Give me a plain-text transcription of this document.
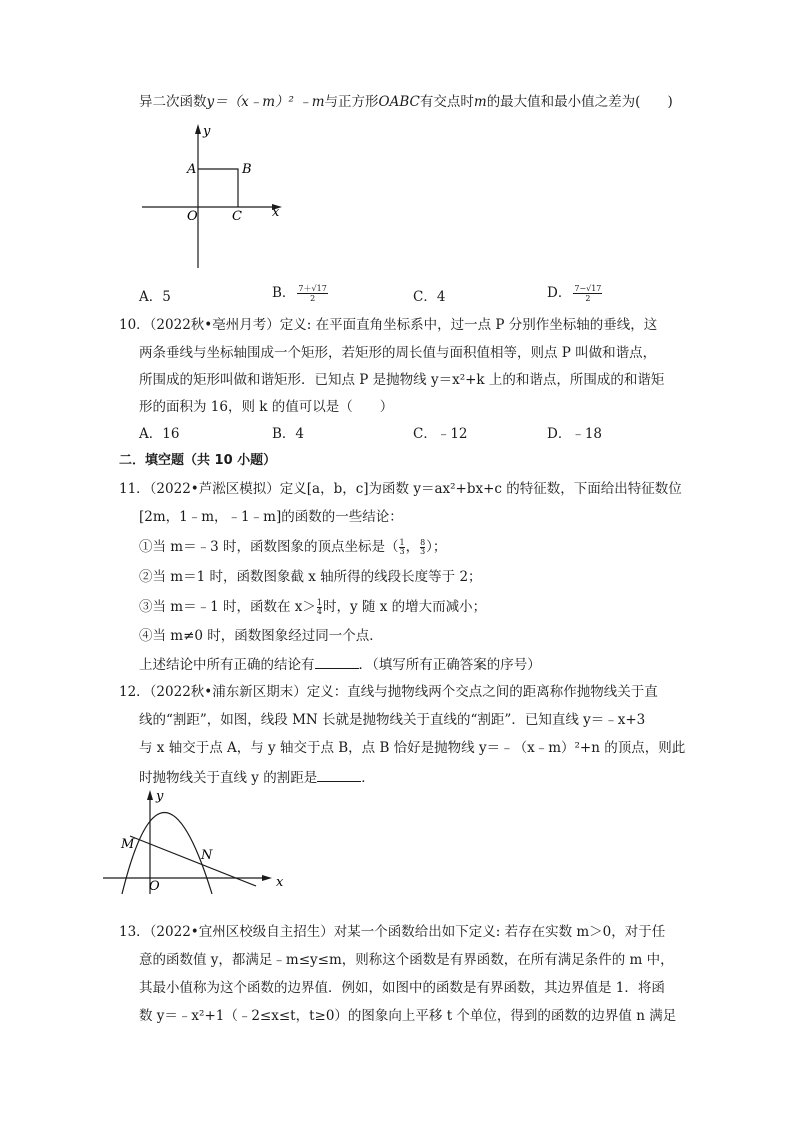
异二次函数y＝（x﹣m）² ﹣m与正方形OABC有交点时m的最大值和最小值之差为(　　)
y
x
A	B
O	C
A．5	B． $\frac{7+√17}{2}$	C．4	D． $\frac{7-√17}{2}$
10．（2022秋•亳州月考）定义: 在平面直角坐标系中，过一点 P 分别作坐标轴的垂线，这
两条垂线与坐标轴围成一个矩形，若矩形的周长值与面积值相等，则点 P 叫做和谐点，
所围成的矩形叫做和谐矩形．已知点 P 是抛物线 y＝x²+k 上的和谐点，所围成的和谐矩
形的面积为 16，则 k 的值可以是（　　）
A．16	B．4	C．﹣12	D．﹣18
二．填空题（共 10 小题）
11．（2022•芦淞区模拟）定义[a，b，c]为函数 y＝ax²+bx+c 的特征数，下面给出特征数位
[2m，1﹣m，﹣1﹣m]的函数的一些结论：
①当 m＝﹣3 时，函数图象的顶点坐标是（ $\frac{1}{3}$， $\frac{8}{3}$）；
②当 m＝1 时，函数图象截 x 轴所得的线段长度等于 2；
③当 m＝﹣1 时，函数在 $x> \frac{1}{4}$时，y 随 x 的增大而减小；
④当 m≠0 时，函数图象经过同一个点．
上述结论中所有正确的结论有	．（填写所有正确答案的序号）
12．（2022秋•浦东新区期末）定义：直线与抛物线两个交点之间的距离称作抛物线关于直
线的“割距”，如图，线段 MN 长就是抛物线关于直线的“割距”．已知直线 y＝﹣x+3
与 x 轴交于点 A，与 y 轴交于点 B，点 B 恰好是抛物线 y＝﹣（x﹣m）²+n 的顶点，则此
时抛物线关于直线 y 的割距是	．
y
x
M
N
O
13．（2022•宜州区校级自主招生）对某一个函数给出如下定义: 若存在实数 m＞0，对于任
意的函数值 y，都满足﹣m≤y≤m，则称这个函数是有界函数，在所有满足条件的 m 中，
其最小值称为这个函数的边界值．例如，如图中的函数是有界函数，其边界值是 1．将函
数 y＝﹣x²+1（﹣2≤x≤t，t≥0）的图象向上平移 t 个单位，得到的函数的边界值 n 满足
